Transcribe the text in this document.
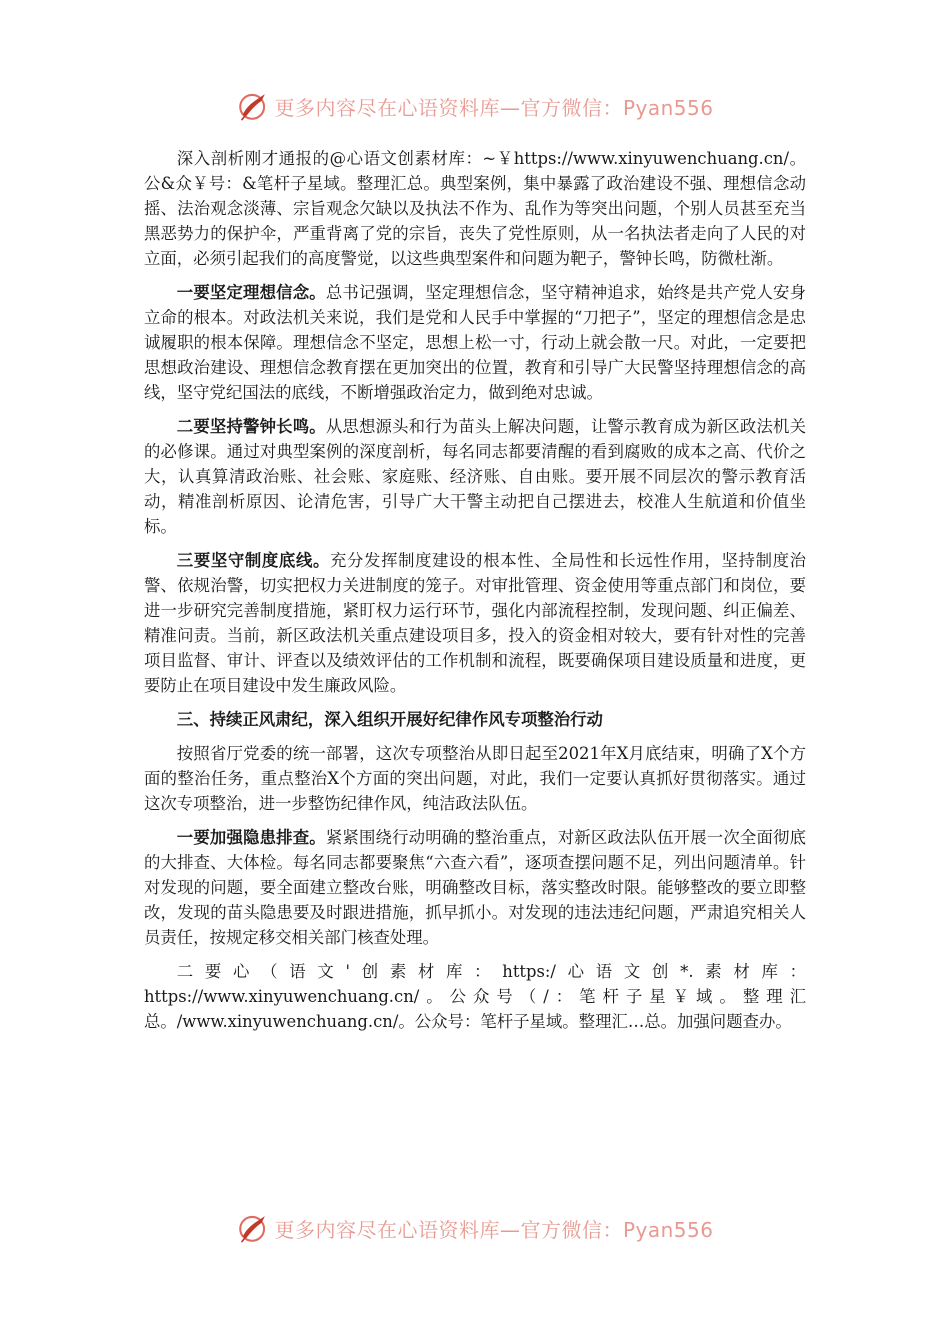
更多内容尽在心语资料库—官方微信：Pyan556

深入剖析刚才通报的@心语文创素材库：~￥https://www.xinyuwenchuang.cn/。公&众￥号：&笔杆子星域。整理汇总。典型案例，集中暴露了政治建设不强、理想信念动摇、法治观念淡薄、宗旨观念欠缺以及执法不作为、乱作为等突出问题，个别人员甚至充当黑恶势力的保护伞，严重背离了党的宗旨，丧失了党性原则，从一名执法者走向了人民的对立面，必须引起我们的高度警觉，以这些典型案件和问题为靶子，警钟长鸣，防微杜渐。

一要坚定理想信念。总书记强调，坚定理想信念，坚守精神追求，始终是共产党人安身立命的根本。对政法机关来说，我们是党和人民手中掌握的“刀把子”，坚定的理想信念是忠诚履职的根本保障。理想信念不坚定，思想上松一寸，行动上就会散一尺。对此，一定要把思想政治建设、理想信念教育摆在更加突出的位置，教育和引导广大民警坚持理想信念的高线，坚守党纪国法的底线，不断增强政治定力，做到绝对忠诚。

二要坚持警钟长鸣。从思想源头和行为苗头上解决问题，让警示教育成为新区政法机关的必修课。通过对典型案例的深度剖析，每名同志都要清醒的看到腐败的成本之高、代价之大，认真算清政治账、社会账、家庭账、经济账、自由账。要开展不同层次的警示教育活动，精准剖析原因、论清危害，引导广大干警主动把自己摆进去，校准人生航道和价值坐标。

三要坚守制度底线。充分发挥制度建设的根本性、全局性和长远性作用，坚持制度治警、依规治警，切实把权力关进制度的笼子。对审批管理、资金使用等重点部门和岗位，要进一步研究完善制度措施，紧盯权力运行环节，强化内部流程控制，发现问题、纠正偏差、精准问责。当前，新区政法机关重点建设项目多，投入的资金相对较大，要有针对性的完善项目监督、审计、评查以及绩效评估的工作机制和流程，既要确保项目建设质量和进度，更要防止在项目建设中发生廉政风险。

三、持续正风肃纪，深入组织开展好纪律作风专项整治行动

按照省厅党委的统一部署，这次专项整治从即日起至2021年X月底结束，明确了X个方面的整治任务，重点整治X个方面的突出问题，对此，我们一定要认真抓好贯彻落实。通过这次专项整治，进一步整饬纪律作风，纯洁政法队伍。

一要加强隐患排查。紧紧围绕行动明确的整治重点，对新区政法队伍开展一次全面彻底的大排查、大体检。每名同志都要聚焦“六查六看”，逐项查摆问题不足，列出问题清单。针对发现的问题，要全面建立整改台账，明确整改目标，落实整改时限。能够整改的要立即整改，发现的苗头隐患要及时跟进措施，抓早抓小。对发现的违法违纪问题，严肃追究相关人员责任，按规定移交相关部门核查处理。

二要心（语文'创素材库：https:/心语文创*.素材库：https://www.xinyuwenchuang.cn/。公众号（/：笔杆子星￥域。整理汇总。/www.xinyuwenchuang.cn/。公众号：笔杆子星域。整理汇…总。加强问题查办。

更多内容尽在心语资料库—官方微信：Pyan556
